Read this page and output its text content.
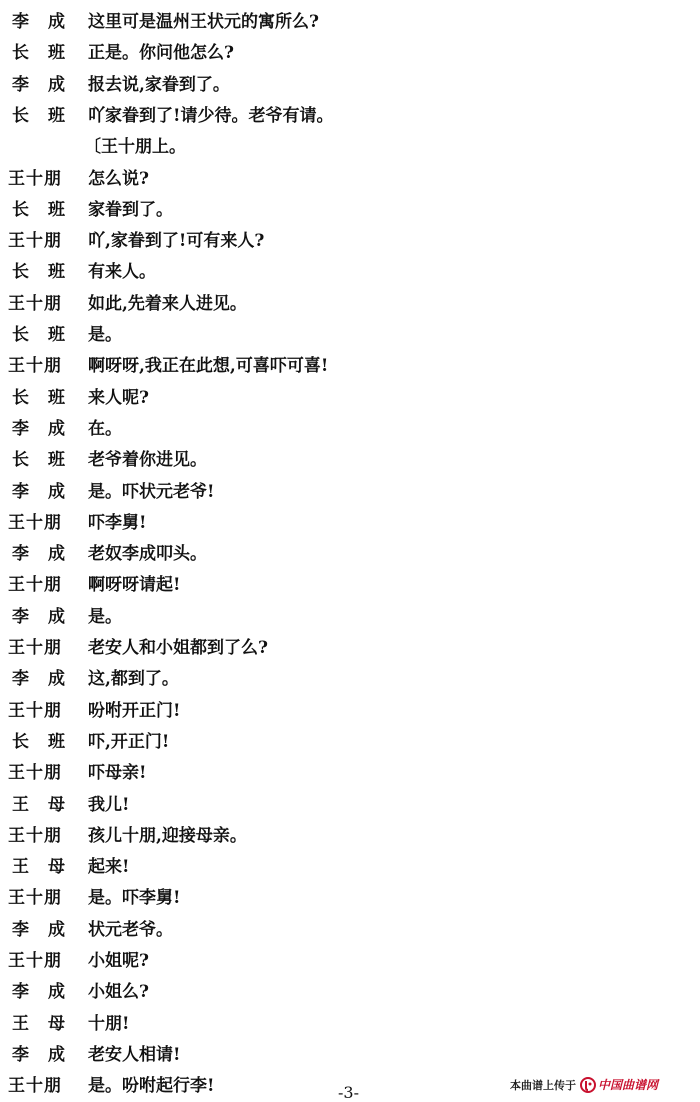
李 成 这里可是温州王状元的寓所么?
长 班 正是。你问他怎么?
李 成 报去说,家眷到了。
长 班 吖家眷到了!请少待。老爷有请。
〔王十朋上。
王十朋	怎么说?
长 班 家眷到了。
王十朋	吖,家眷到了!可有来人?
长 班 有来人。
王十朋	如此,先着来人进见。
长 班 是。
王十朋	啊呀呀,我正在此想,可喜吓可喜!
长 班 来人呢?
李 成 在。
长 班 老爷着你进见。
李 成 是。吓状元老爷!
王十朋	吓李舅!
李 成 老奴李成叩头。
王十朋	啊呀呀请起!
李 成 是。
王十朋	老安人和小姐都到了么?
李 成 这,都到了。
王十朋	吩咐开正门!
长 班 吓,开正门!
王十朋	吓母亲!
王 母 我儿!
王十朋	孩儿十朋,迎接母亲。
王 母 起来!
王十朋	是。吓李舅!
李 成 状元老爷。
王十朋	小姐呢?
李 成 小姐么?
王 母 十朋!
李 成 老安人相请!
王十朋	是。吩咐起行李!	-3-	本曲谱上传于 中国曲谱网
